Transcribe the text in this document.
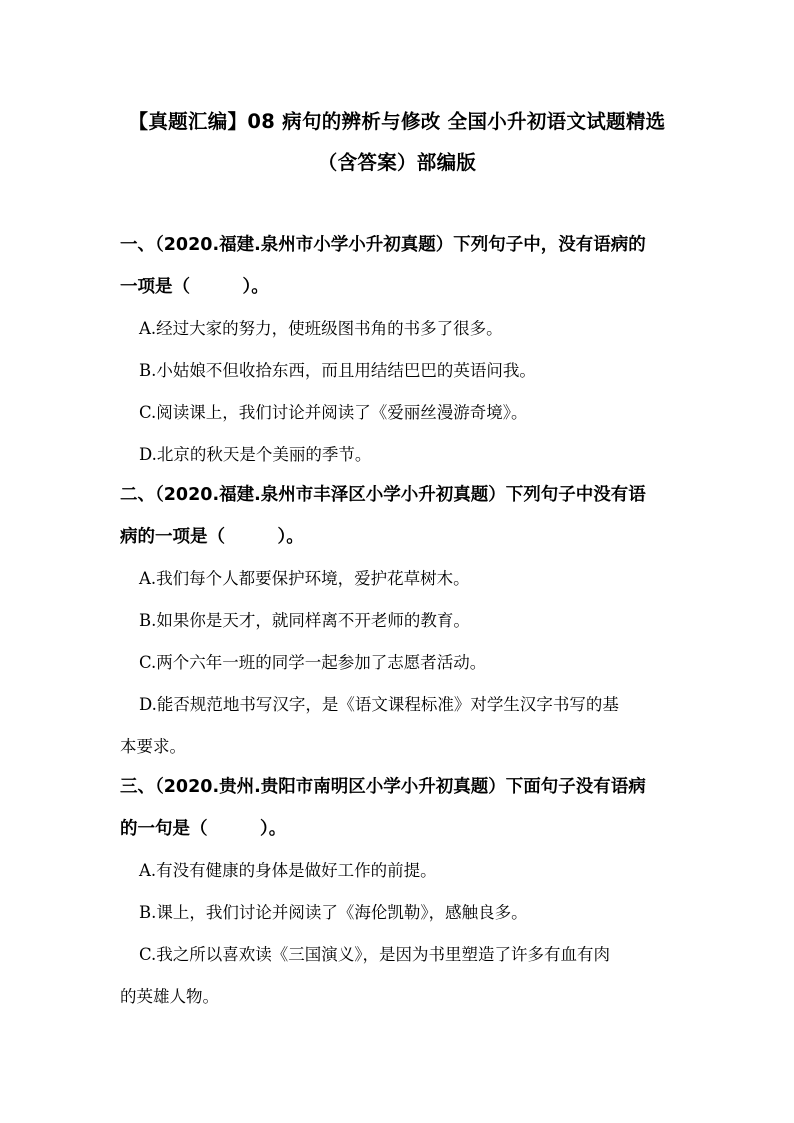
【真题汇编】08 病句的辨析与修改 全国小升初语文试题精选
（含答案）部编版
一、（2020.福建.泉州市小学小升初真题）下列句子中，没有语病的
一项是（　　　）。
A.经过大家的努力，使班级图书角的书多了很多。
B.小姑娘不但收拾东西，而且用结结巴巴的英语问我。
C.阅读课上，我们讨论并阅读了《爱丽丝漫游奇境》。
D.北京的秋天是个美丽的季节。
二、（2020.福建.泉州市丰泽区小学小升初真题）下列句子中没有语
病的一项是（　　　）。
A.我们每个人都要保护环境，爱护花草树木。
B.如果你是天才，就同样离不开老师的教育。
C.两个六年一班的同学一起参加了志愿者活动。
D.能否规范地书写汉字，是《语文课程标准》对学生汉字书写的基
本要求。
三、（2020.贵州.贵阳市南明区小学小升初真题）下面句子没有语病
的一句是（　　　）。
A.有没有健康的身体是做好工作的前提。
B.课上，我们讨论并阅读了《海伦凯勒》，感触良多。
C.我之所以喜欢读《三国演义》，是因为书里塑造了许多有血有肉
的英雄人物。
